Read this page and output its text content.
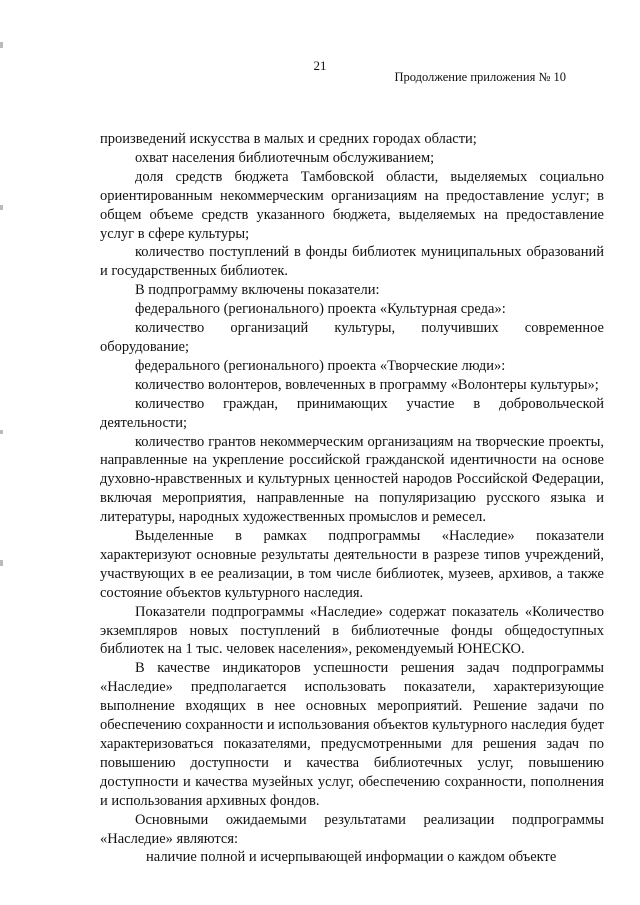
21
Продолжение приложения № 10

произведений искусства в малых и средних городах области;

охват населения библиотечным обслуживанием;

доля средств бюджета Тамбовской области, выделяемых социально ориентированным некоммерческим организациям на предоставление услуг; в общем объеме средств указанного бюджета, выделяемых на предоставление услуг в сфере культуры;

количество поступлений в фонды библиотек муниципальных образований и государственных библиотек.

В подпрограмму включены показатели:

федерального (регионального) проекта «Культурная среда»:

количество организаций культуры, получивших современное оборудование;

федерального (регионального) проекта «Творческие люди»:

количество волонтеров, вовлеченных в программу «Волонтеры культуры»;

количество граждан, принимающих участие в добровольческой деятельности;

количество грантов некоммерческим организациям на творческие проекты, направленные на укрепление российской гражданской идентичности на основе духовно-нравственных и культурных ценностей народов Российской Федерации, включая мероприятия, направленные на популяризацию русского языка и литературы, народных художественных промыслов и ремесел.

Выделенные в рамках подпрограммы «Наследие» показатели характеризуют основные результаты деятельности в разрезе типов учреждений, участвующих в ее реализации, в том числе библиотек, музеев, архивов, а также состояние объектов культурного наследия.

Показатели подпрограммы «Наследие» содержат показатель «Количество экземпляров новых поступлений в библиотечные фонды общедоступных библиотек на 1 тыс. человек населения», рекомендуемый ЮНЕСКО.

В качестве индикаторов успешности решения задач подпрограммы «Наследие» предполагается использовать показатели, характеризующие выполнение входящих в нее основных мероприятий. Решение задачи по обеспечению сохранности и использования объектов культурного наследия будет характеризоваться показателями, предусмотренными для решения задач по повышению доступности и качества библиотечных услуг, повышению доступности и качества музейных услуг, обеспечению сохранности, пополнения и использования архивных фондов.

Основными ожидаемыми результатами реализации подпрограммы «Наследие» являются:

наличие полной и исчерпывающей информации о каждом объекте
